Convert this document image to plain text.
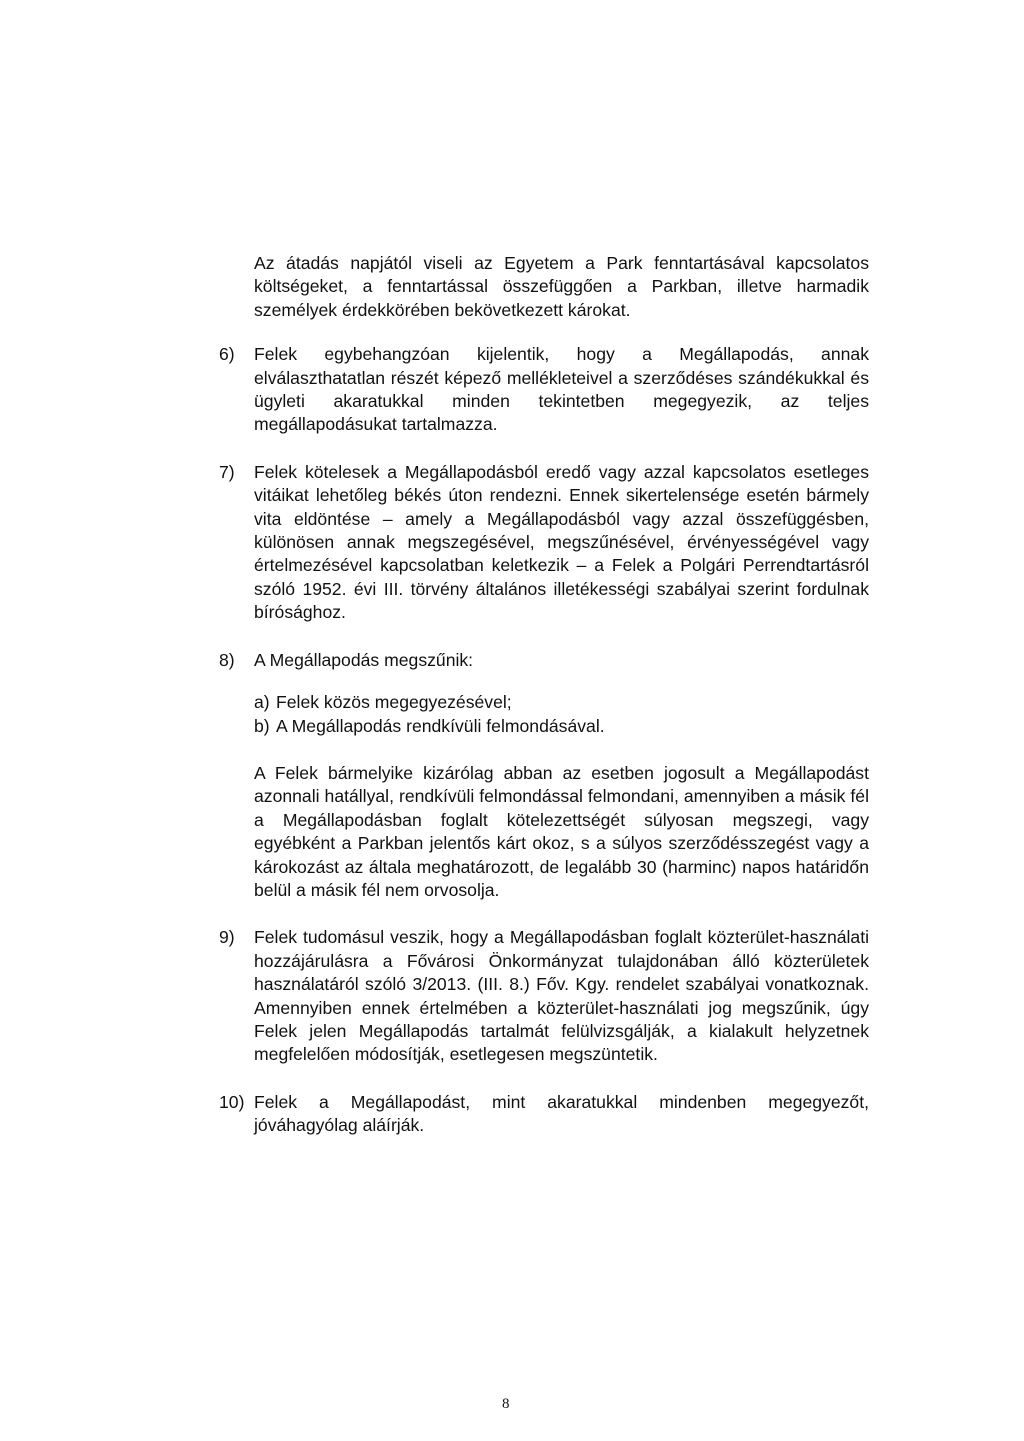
Az átadás napjától viseli az Egyetem a Park fenntartásával kapcsolatos költségeket, a fenntartással összefüggően a Parkban, illetve harmadik személyek érdekkörében bekövetkezett károkat.

6)	Felek egybehangzóan kijelentik, hogy a Megállapodás, annak elválaszthatatlan részét képező mellékleteivel a szerződéses szándékukkal és ügyleti akaratukkal minden tekintetben megegyezik, az teljes megállapodásukat tartalmazza.
7)	Felek kötelesek a Megállapodásból eredő vagy azzal kapcsolatos esetleges vitáikat lehetőleg békés úton rendezni. Ennek sikertelensége esetén bármely vita eldöntése – amely a Megállapodásból vagy azzal összefüggésben, különösen annak megszegésével, megszűnésével, érvényességével vagy értelmezésével kapcsolatban keletkezik – a Felek a Polgári Perrendtartásról szóló 1952. évi III. törvény általános illetékességi szabályai szerint fordulnak bírósághoz.
8)	A Megállapodás megszűnik:
a) Felek közös megegyezésével;
b) A Megállapodás rendkívüli felmondásával.

A Felek bármelyike kizárólag abban az esetben jogosult a Megállapodást azonnali hatállyal, rendkívüli felmondással felmondani, amennyiben a másik fél a Megállapodásban foglalt kötelezettségét súlyosan megszegi, vagy egyébként a Parkban jelentős kárt okoz, s a súlyos szerződésszegést vagy a károkozást az általa meghatározott, de legalább 30 (harminc) napos határidőn belül a másik fél nem orvosolja.

9)	Felek tudomásul veszik, hogy a Megállapodásban foglalt közterület-használati hozzájárulásra a Fővárosi Önkormányzat tulajdonában álló közterületek használatáról szóló 3/2013. (III. 8.) Főv. Kgy. rendelet szabályai vonatkoznak. Amennyiben ennek értelmében a közterület-használati jog megszűnik, úgy Felek jelen Megállapodás tartalmát felülvizsgálják, a kialakult helyzetnek megfelelően módosítják, esetlegesen megszüntetik.
10) Felek a Megállapodást, mint akaratukkal mindenben megegyezőt, jóváhagyólag aláírják.
8
